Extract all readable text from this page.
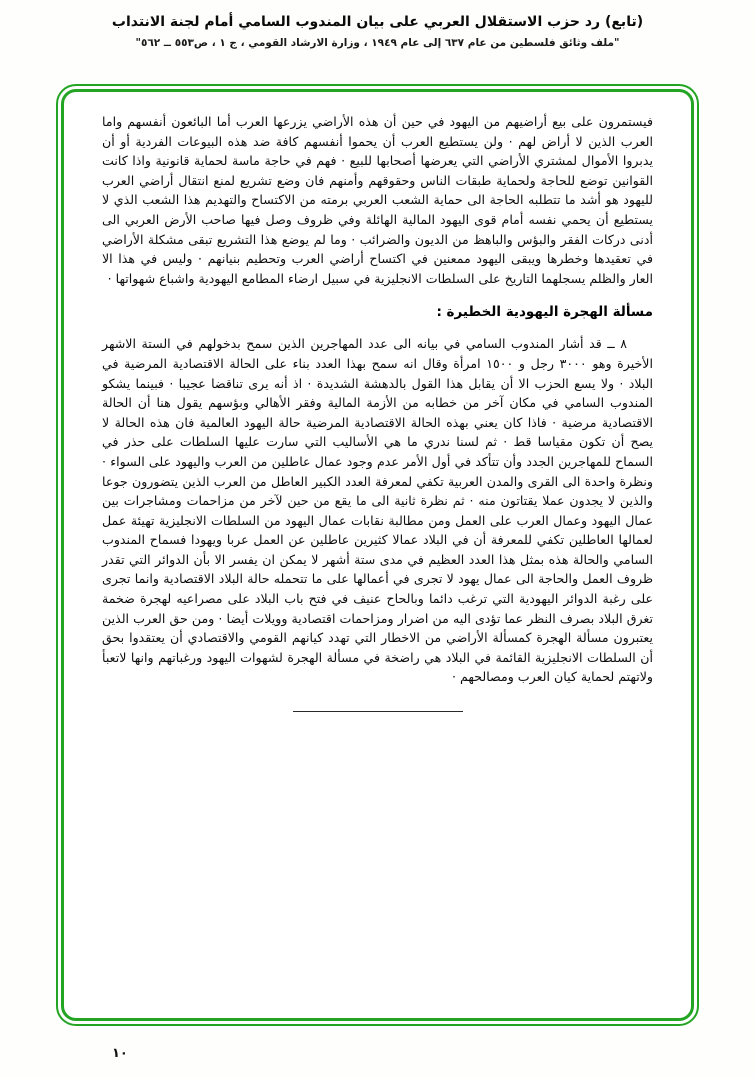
(تابع) رد حزب الاستقلال العربي على بيان المندوب السامي أمام لجنة الانتداب
"ملف وثائق فلسطين من عام ٦٣٧ إلى عام ١٩٤٩ ، وزارة الارشاد القومي ، ج ١ ، ص٥٥٣ ــ ٥٦٢"

فيستمرون على بيع أراضيهم من اليهود في حين أن هذه الأراضي يزرعها العرب أما البائعون أنفسهم واما العرب الذين لا أراض لهم · ولن يستطيع العرب أن يحموا أنفسهم كافة ضد هذه البيوعات الفردية أو أن يدبروا الأموال لمشتري الأراضي التي يعرضها أصحابها للبيع · فهم في حاجة ماسة لحماية قانونية واذا كانت القوانين توضع للحاجة ولحماية طبقات الناس وحقوقهم وأمنهم فان وضع تشريع لمنع انتقال أراضي العرب لليهود هو أشد ما تتطلبه الحاجة الى حماية الشعب العربي برمته من الاكتساح والتهديم هذا الشعب الذي لا يستطيع أن يحمي نفسه أمام قوى اليهود المالية الهائلة وفي ظروف وصل فيها صاحب الأرض العربي الى أدنى دركات الفقر والبؤس والباهظ من الديون والضرائب · وما لم يوضع هذا التشريع تبقى مشكلة الأراضي في تعقيدها وخطرها ويبقى اليهود ممعنين في اكتساح أراضي العرب وتحطيم بنيانهم · وليس في هذا الا العار والظلم يسجلهما التاريخ على السلطات الانجليزية في سبيل ارضاء المطامع اليهودية واشباع شهواتها ·

مسألة الهجرة اليهودية الخطيرة :

٨ ــ قد أشار المندوب السامي في بيانه الى عدد المهاجرين الذين سمح بدخولهم في الستة الاشهر الأخيرة وهو ٣٠٠٠ رجل و ١٥٠٠ امرأة وقال انه سمح بهذا العدد بناء على الحالة الاقتصادية المرضية في البلاد · ولا يسع الحزب الا أن يقابل هذا القول بالدهشة الشديدة · اذ أنه يرى تناقضا عجيبا · فبينما يشكو المندوب السامي في مكان آخر من خطابه من الأزمة المالية وفقر الأهالي وبؤسهم يقول هنا أن الحالة الاقتصادية مرضية · فاذا كان يعني بهذه الحالة الاقتصادية المرضية حالة اليهود العالمية فان هذه الحالة لا يصح أن تكون مقياسا قط · ثم لسنا ندري ما هي الأساليب التي سارت عليها السلطات على حذر في السماح للمهاجرين الجدد وأن تتأكد في أول الأمر عدم وجود عمال عاطلين من العرب واليهود على السواء · ونظرة واحدة الى القرى والمدن العربية تكفي لمعرفة العدد الكبير العاطل من العرب الذين يتضورون جوعا والذين لا يجدون عملا يقتاتون منه · ثم نظرة ثانية الى ما يقع من حين لآخر من مزاحمات ومشاجرات بين عمال اليهود وعمال العرب على العمل ومن مطالبة نقابات عمال اليهود من السلطات الانجليزية تهيئة عمل لعمالها العاطلين تكفي للمعرفة أن في البلاد عمالا كثيرين عاطلين عن العمل عربا ويهودا فسماح المندوب السامي والحالة هذه بمثل هذا العدد العظيم في مدى ستة أشهر لا يمكن ان يفسر الا بأن الدوائر التي تقدر ظروف العمل والحاجة الى عمال يهود لا تجرى في أعمالها على ما تتحمله حالة البلاد الاقتصادية وانما تجرى على رغبة الدوائر اليهودية التي ترغب دائما وبالحاح عنيف في فتح باب البلاد على مصراعيه لهجرة ضخمة تغرق البلاد بصرف النظر عما تؤدى اليه من اضرار ومزاحمات اقتصادية وويلات أيضا · ومن حق العرب الذين يعتبرون مسألة الهجرة كمسألة الأراضي من الاخطار التي تهدد كيانهم القومي والاقتصادي أن يعتقدوا بحق أن السلطات الانجليزية القائمة في البلاد هي راضخة في مسألة الهجرة لشهوات اليهود ورغباتهم وانها لاتعبأ ولاتهتم لحماية كيان العرب ومصالحهم ·

١٠
